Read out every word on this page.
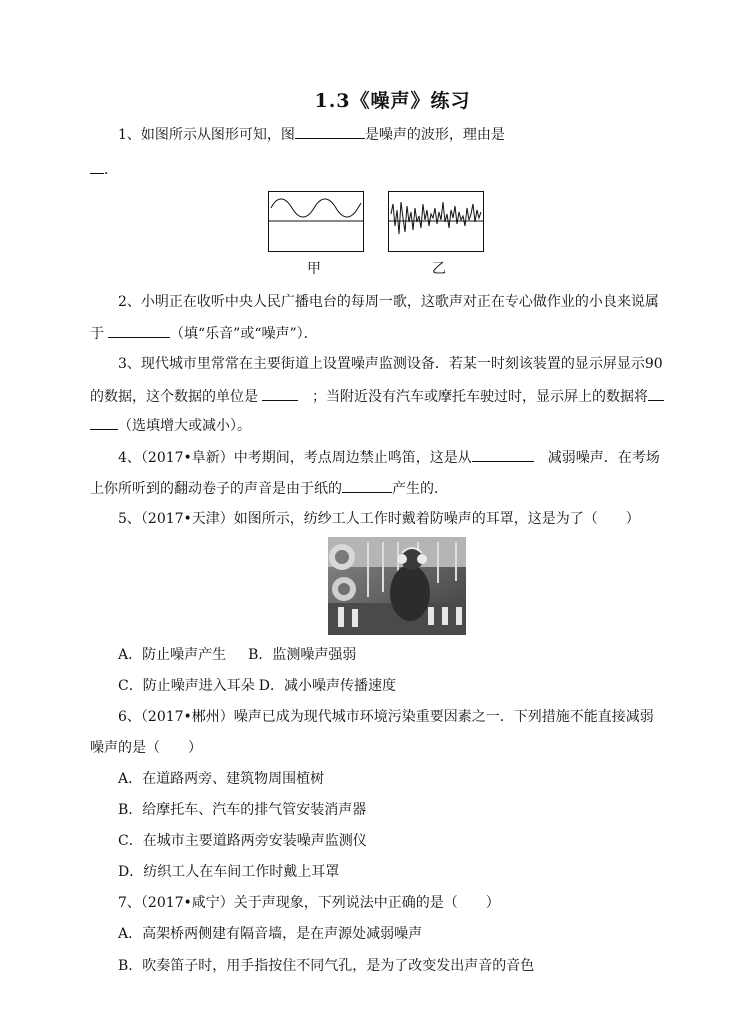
1.3《噪声》练习
1、如图所示从图形可知，图	是噪声的波形，理由是
．
甲	乙
2、小明正在收听中央人民广播电台的每周一歌，这歌声对正在专心做作业的小良来说属
于	（填“乐音”或“噪声”）．
3、现代城市里常常在主要街道上设置噪声监测设备．若某一时刻该装置的显示屏显示90
的数据，这个数据的单位是	；当附近没有汽车或摩托车驶过时，显示屏上的数据将
（选填增大或减小）。
4、（2017•阜新）中考期间，考点周边禁止鸣笛，这是从	减弱噪声．在考场
上你所听到的翻动卷子的声音是由于纸的	产生的．
5、（2017•天津）如图所示，纺纱工人工作时戴着防噪声的耳罩，这是为了（　　）
A．防止噪声产生 B．监测噪声强弱
C．防止噪声进入耳朵 D．减小噪声传播速度
6、（2017•郴州）噪声已成为现代城市环境污染重要因素之一．下列措施不能直接减弱
噪声的是（　　）
A．在道路两旁、建筑物周围植树
B．给摩托车、汽车的排气管安装消声器
C．在城市主要道路两旁安装噪声监测仪
D．纺织工人在车间工作时戴上耳罩
7、（2017•咸宁）关于声现象，下列说法中正确的是（　　）
A．高架桥两侧建有隔音墙，是在声源处减弱噪声
B．吹奏笛子时，用手指按住不同气孔，是为了改变发出声音的音色
